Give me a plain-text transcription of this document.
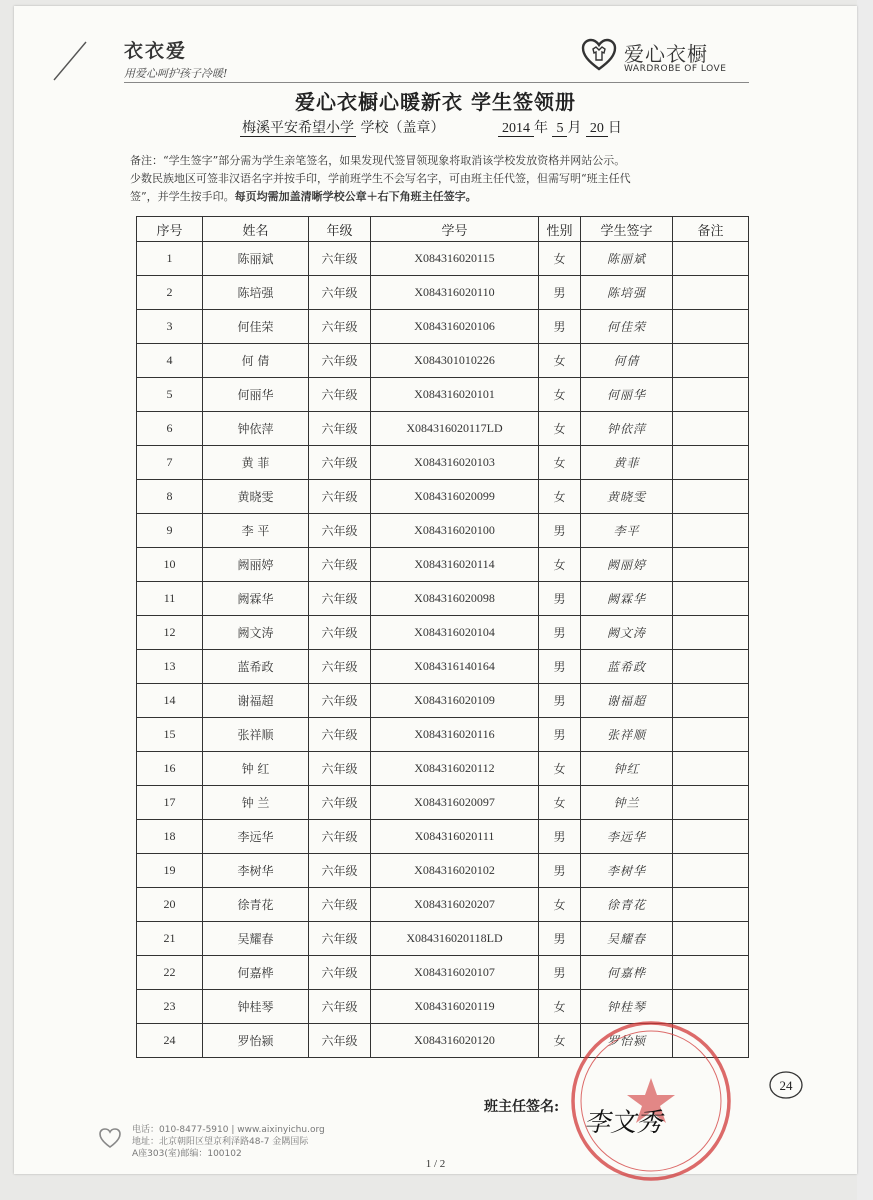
衣衣爱
用爱心呵护孩子冷暖!
爱心衣橱
WARDROBE OF LOVE
爱心衣橱心暖新衣 学生签领册
梅溪平安希望小学 学校（盖章）	2014 年 5 月 20 日
备注：“学生签字”部分需为学生亲笔签名，如果发现代签冒领现象将取消该学校发放资格并网站公示。
少数民族地区可签非汉语名字并按手印，学前班学生不会写名字，可由班主任代签，但需写明“班主任代
签”，并学生按手印。每页均需加盖清晰学校公章＋右下角班主任签字。
序号	姓名	年级	学号	性别	学生签字	备注
1	陈丽斌	六年级	X084316020115	女	陈丽斌	
2	陈培强	六年级	X084316020110	男	陈培强	
3	何佳荣	六年级	X084316020106	男	何佳荣	
4	何 倩	六年级	X084301010226	女	何倩	
5	何丽华	六年级	X084316020101	女	何丽华	
6	钟依萍	六年级	X084316020117LD	女	钟依萍	
7	黄 菲	六年级	X084316020103	女	黄菲	
8	黄晓雯	六年级	X084316020099	女	黄晓雯	
9	李 平	六年级	X084316020100	男	李平	
10	阙丽婷	六年级	X084316020114	女	阙丽婷	
11	阙霖华	六年级	X084316020098	男	阙霖华	
12	阙文涛	六年级	X084316020104	男	阙文涛	
13	蓝希政	六年级	X084316140164	男	蓝希政	
14	谢福超	六年级	X084316020109	男	谢福超	
15	张祥顺	六年级	X084316020116	男	张祥顺	
16	钟 红	六年级	X084316020112	女	钟红	
17	钟 兰	六年级	X084316020097	女	钟兰	
18	李远华	六年级	X084316020111	男	李远华	
19	李树华	六年级	X084316020102	男	李树华	
20	徐青花	六年级	X084316020207	女	徐青花	
21	吴耀春	六年级	X084316020118LD	男	吴耀春	
22	何嘉桦	六年级	X084316020107	男	何嘉桦	
23	钟桂琴	六年级	X084316020119	女	钟桂琴	
24	罗怡颍	六年级	X084316020120	女	罗怡颍	
班主任签名:
李文秀
24
电话：010-8477-5910 | www.aixinyichu.org
地址：北京朝阳区望京利泽路48-7 金隅国际
A座303(室)邮编：100102
1 / 2
